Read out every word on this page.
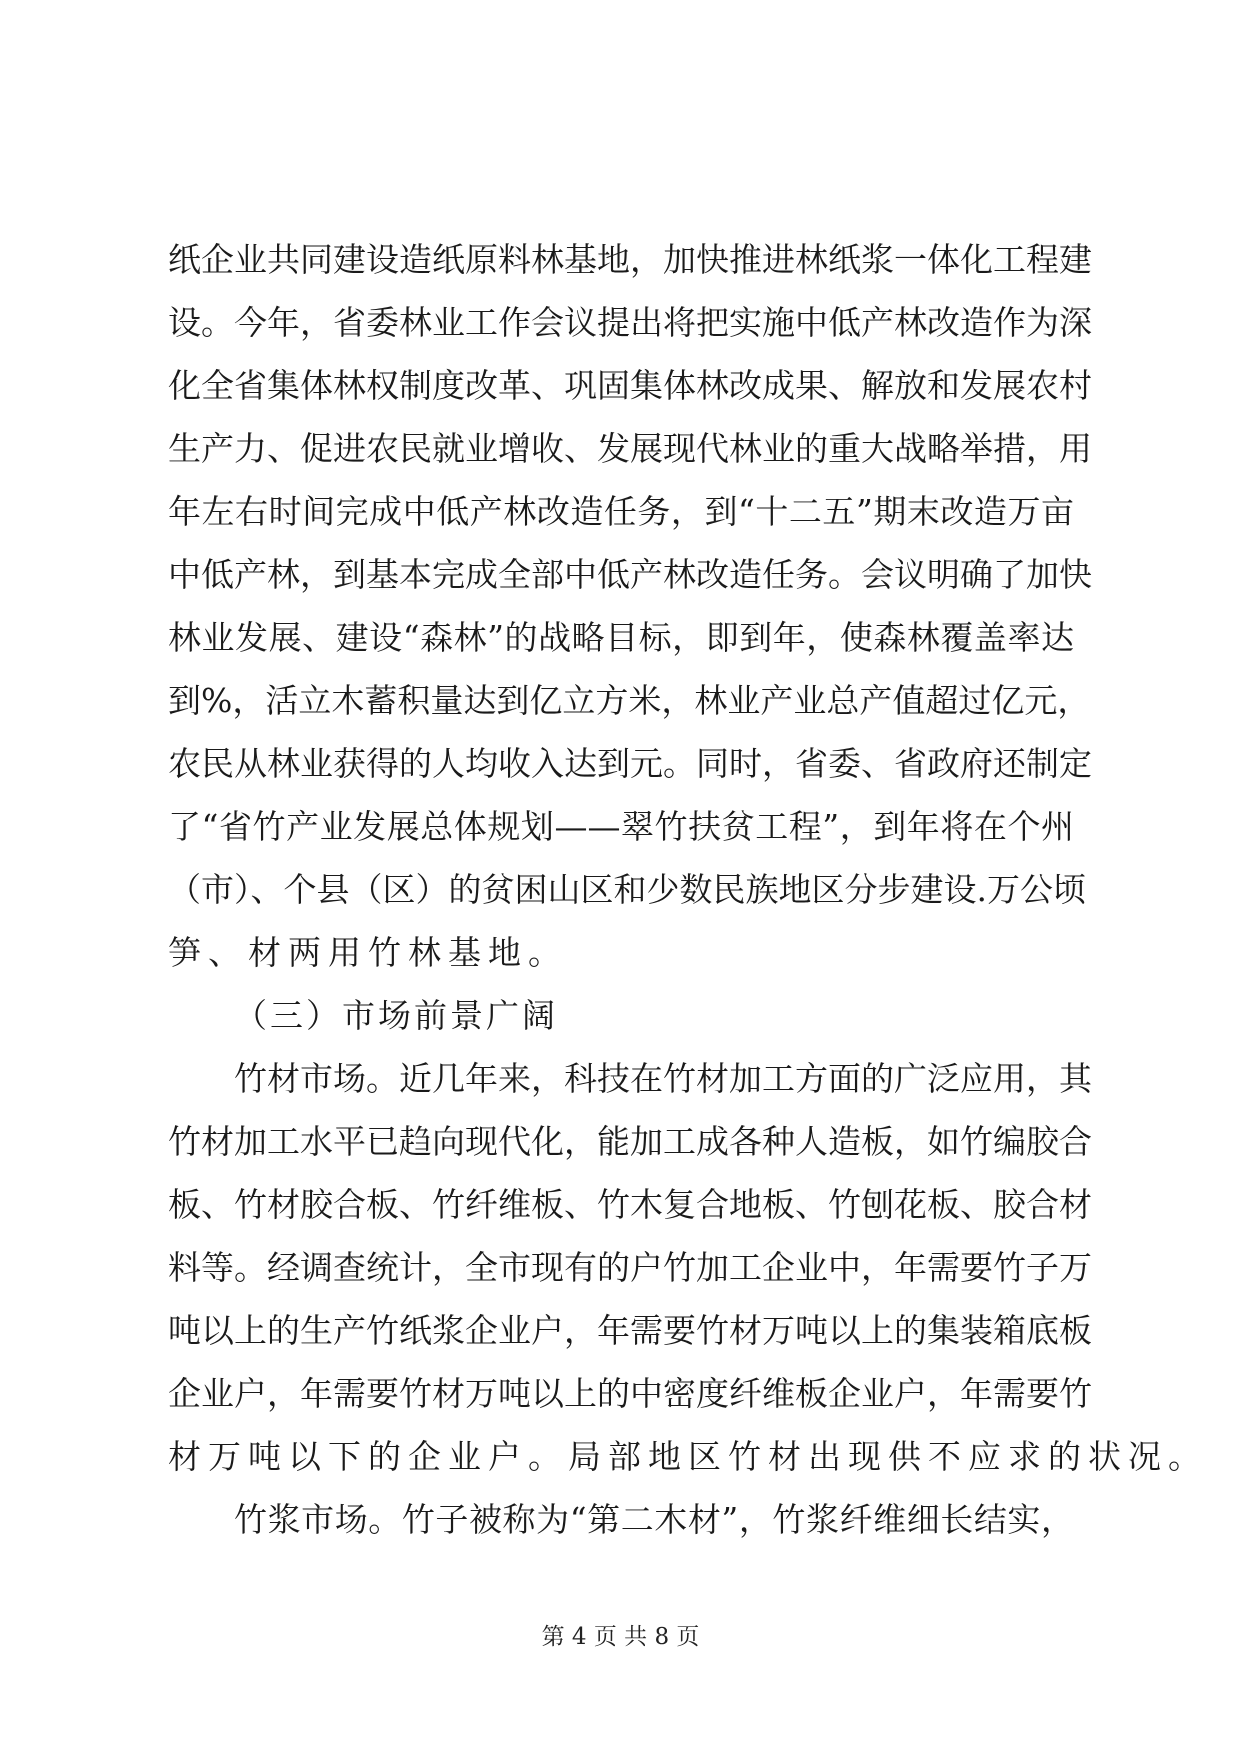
纸企业共同建设造纸原料林基地，加快推进林纸浆一体化工程建
设。今年，省委林业工作会议提出将把实施中低产林改造作为深
化全省集体林权制度改革、巩固集体林改成果、解放和发展农村
生产力、促进农民就业增收、发展现代林业的重大战略举措，用
年左右时间完成中低产林改造任务，到“十二五”期末改造万亩
中低产林，到基本完成全部中低产林改造任务。会议明确了加快
林业发展、建设“森林”的战略目标，即到年，使森林覆盖率达
到%，活立木蓄积量达到亿立方米，林业产业总产值超过亿元，
农民从林业获得的人均收入达到元。同时，省委、省政府还制定
了“省竹产业发展总体规划——翠竹扶贫工程”，到年将在个州
（市）、个县（区）的贫困山区和少数民族地区分步建设.万公顷
笋、材两用竹林基地。
（三）市场前景广阔
竹材市场。近几年来，科技在竹材加工方面的广泛应用，其
竹材加工水平已趋向现代化，能加工成各种人造板，如竹编胶合
板、竹材胶合板、竹纤维板、竹木复合地板、竹刨花板、胶合材
料等。经调查统计，全市现有的户竹加工企业中，年需要竹子万
吨以上的生产竹纸浆企业户，年需要竹材万吨以上的集装箱底板
企业户，年需要竹材万吨以上的中密度纤维板企业户，年需要竹
材万吨以下的企业户。局部地区竹材出现供不应求的状况。
竹浆市场。竹子被称为“第二木材”，竹浆纤维细长结实，
第 4 页 共 8 页
